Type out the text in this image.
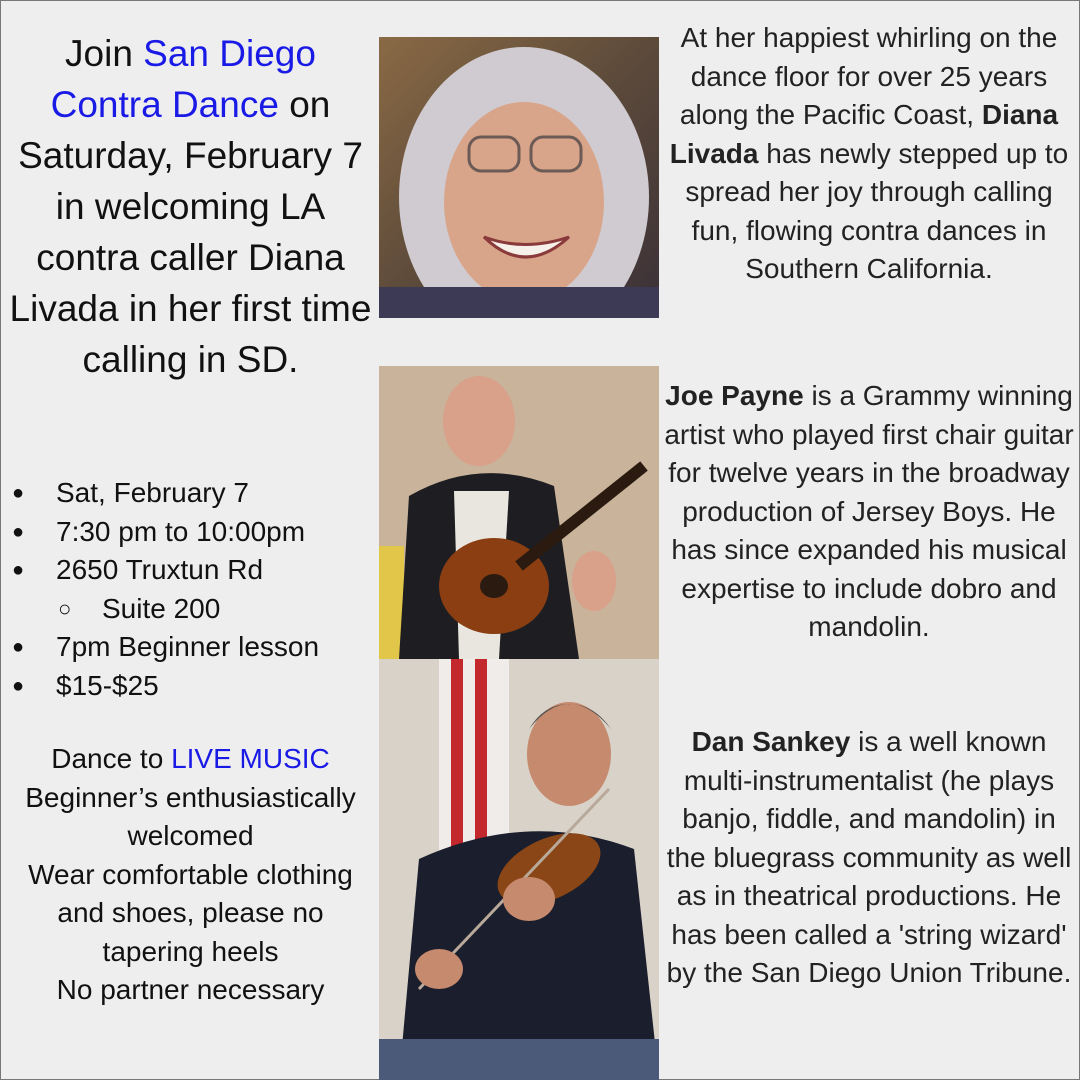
Join San Diego Contra Dance on Saturday, February 7 in welcoming LA contra caller Diana Livada in her first time calling in SD.

●	Sat, February 7
●	7:30 pm to 10:00pm
●	2650 Truxtun Rd
○	Suite 200
●	7pm Beginner lesson
●	$15-$25
Dance to LIVE MUSIC
Beginner’s enthusiastically welcomed
Wear comfortable clothing and shoes, please no tapering heels
No partner necessary
At her happiest whirling on the dance floor for over 25 years along the Pacific Coast, Diana Livada has newly stepped up to spread her joy through calling fun, flowing contra dances in Southern California.
Joe Payne is a Grammy winning artist who played first chair guitar for twelve years in the broadway production of Jersey Boys. He has since expanded his musical expertise to include dobro and mandolin.
Dan Sankey is a well known multi-instrumentalist (he plays banjo, fiddle, and mandolin) in the bluegrass community as well as in theatrical productions. He has been called a 'string wizard' by the San Diego Union Tribune.
